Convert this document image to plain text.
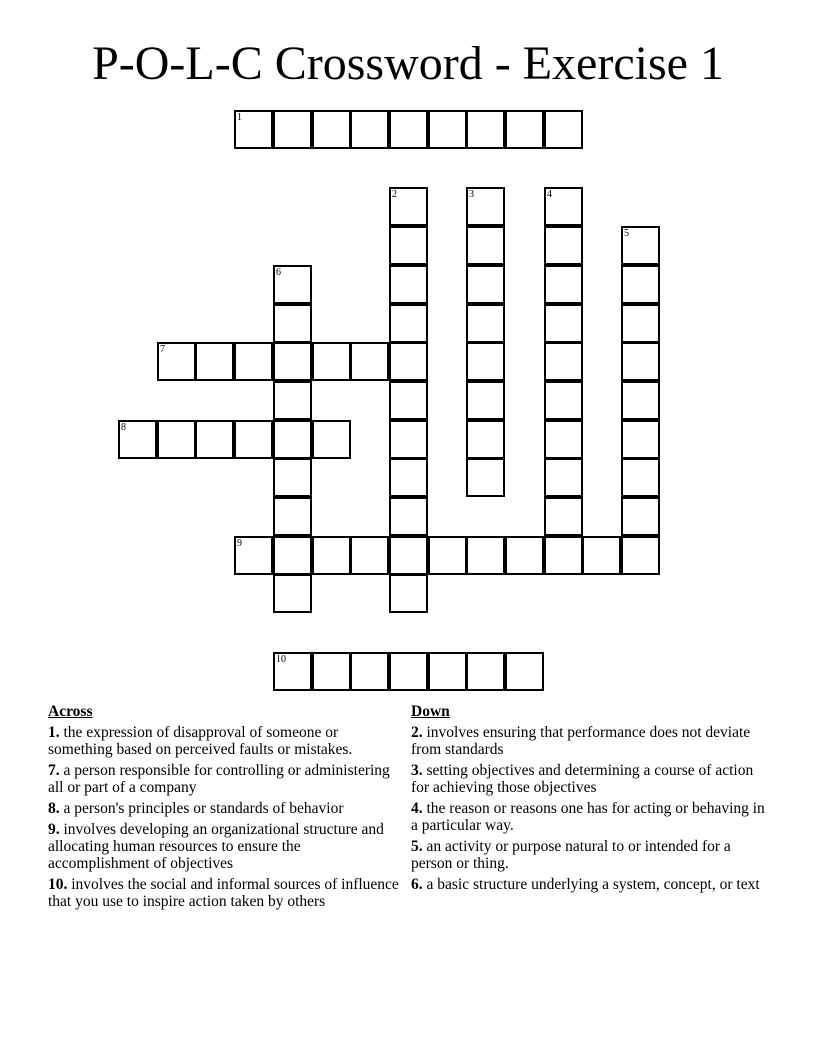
P-O-L-C Crossword - Exercise 1
1
2	3	4
5
6
7
8
9
10
Across
1. the expression of disapproval of someone or something based on perceived faults or mistakes.
7. a person responsible for controlling or administering all or part of a company
8. a person's principles or standards of behavior
9. involves developing an organizational structure and allocating human resources to ensure the accomplishment of objectives
10. involves the social and informal sources of influence that you use to inspire action taken by others
Down
2. involves ensuring that performance does not deviate from standards
3. setting objectives and determining a course of action for achieving those objectives
4. the reason or reasons one has for acting or behaving in a particular way.
5. an activity or purpose natural to or intended for a person or thing.
6. a basic structure underlying a system, concept, or text
